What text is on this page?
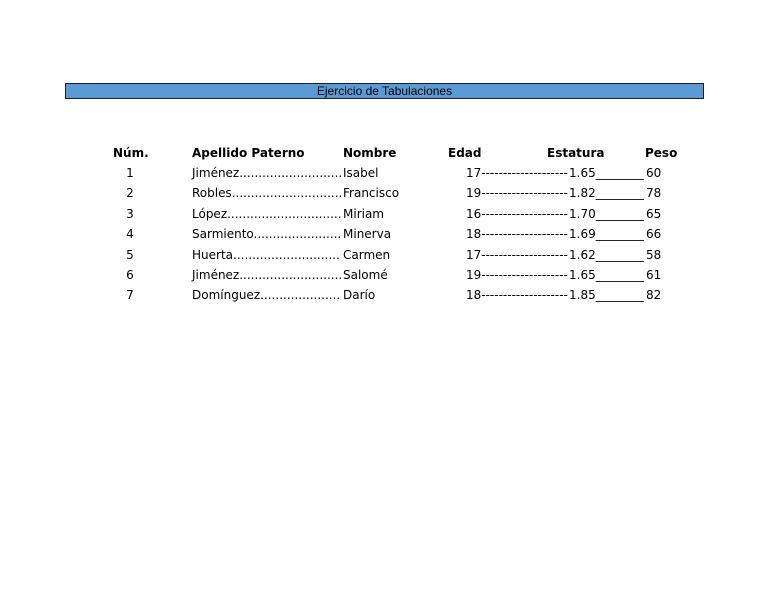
Ejercicio de Tabulaciones
Núm.	Apellido Paterno	Nombre	Edad	Estatura	Peso
1	Jiménez........................... Isabel	17-------------------- 1.65________ 60
2	Robles............................. Francisco	19-------------------- 1.82________ 78
3	López.............................. Miriam	16-------------------- 1.70________ 65
4	Sarmiento....................... Minerva	18-------------------- 1.69________ 66
5	Huerta............................ Carmen	17-------------------- 1.62________ 58
6	Jiménez........................... Salomé	19-------------------- 1.65________ 61
7	Domínguez..................... Darío	18-------------------- 1.85________ 82
